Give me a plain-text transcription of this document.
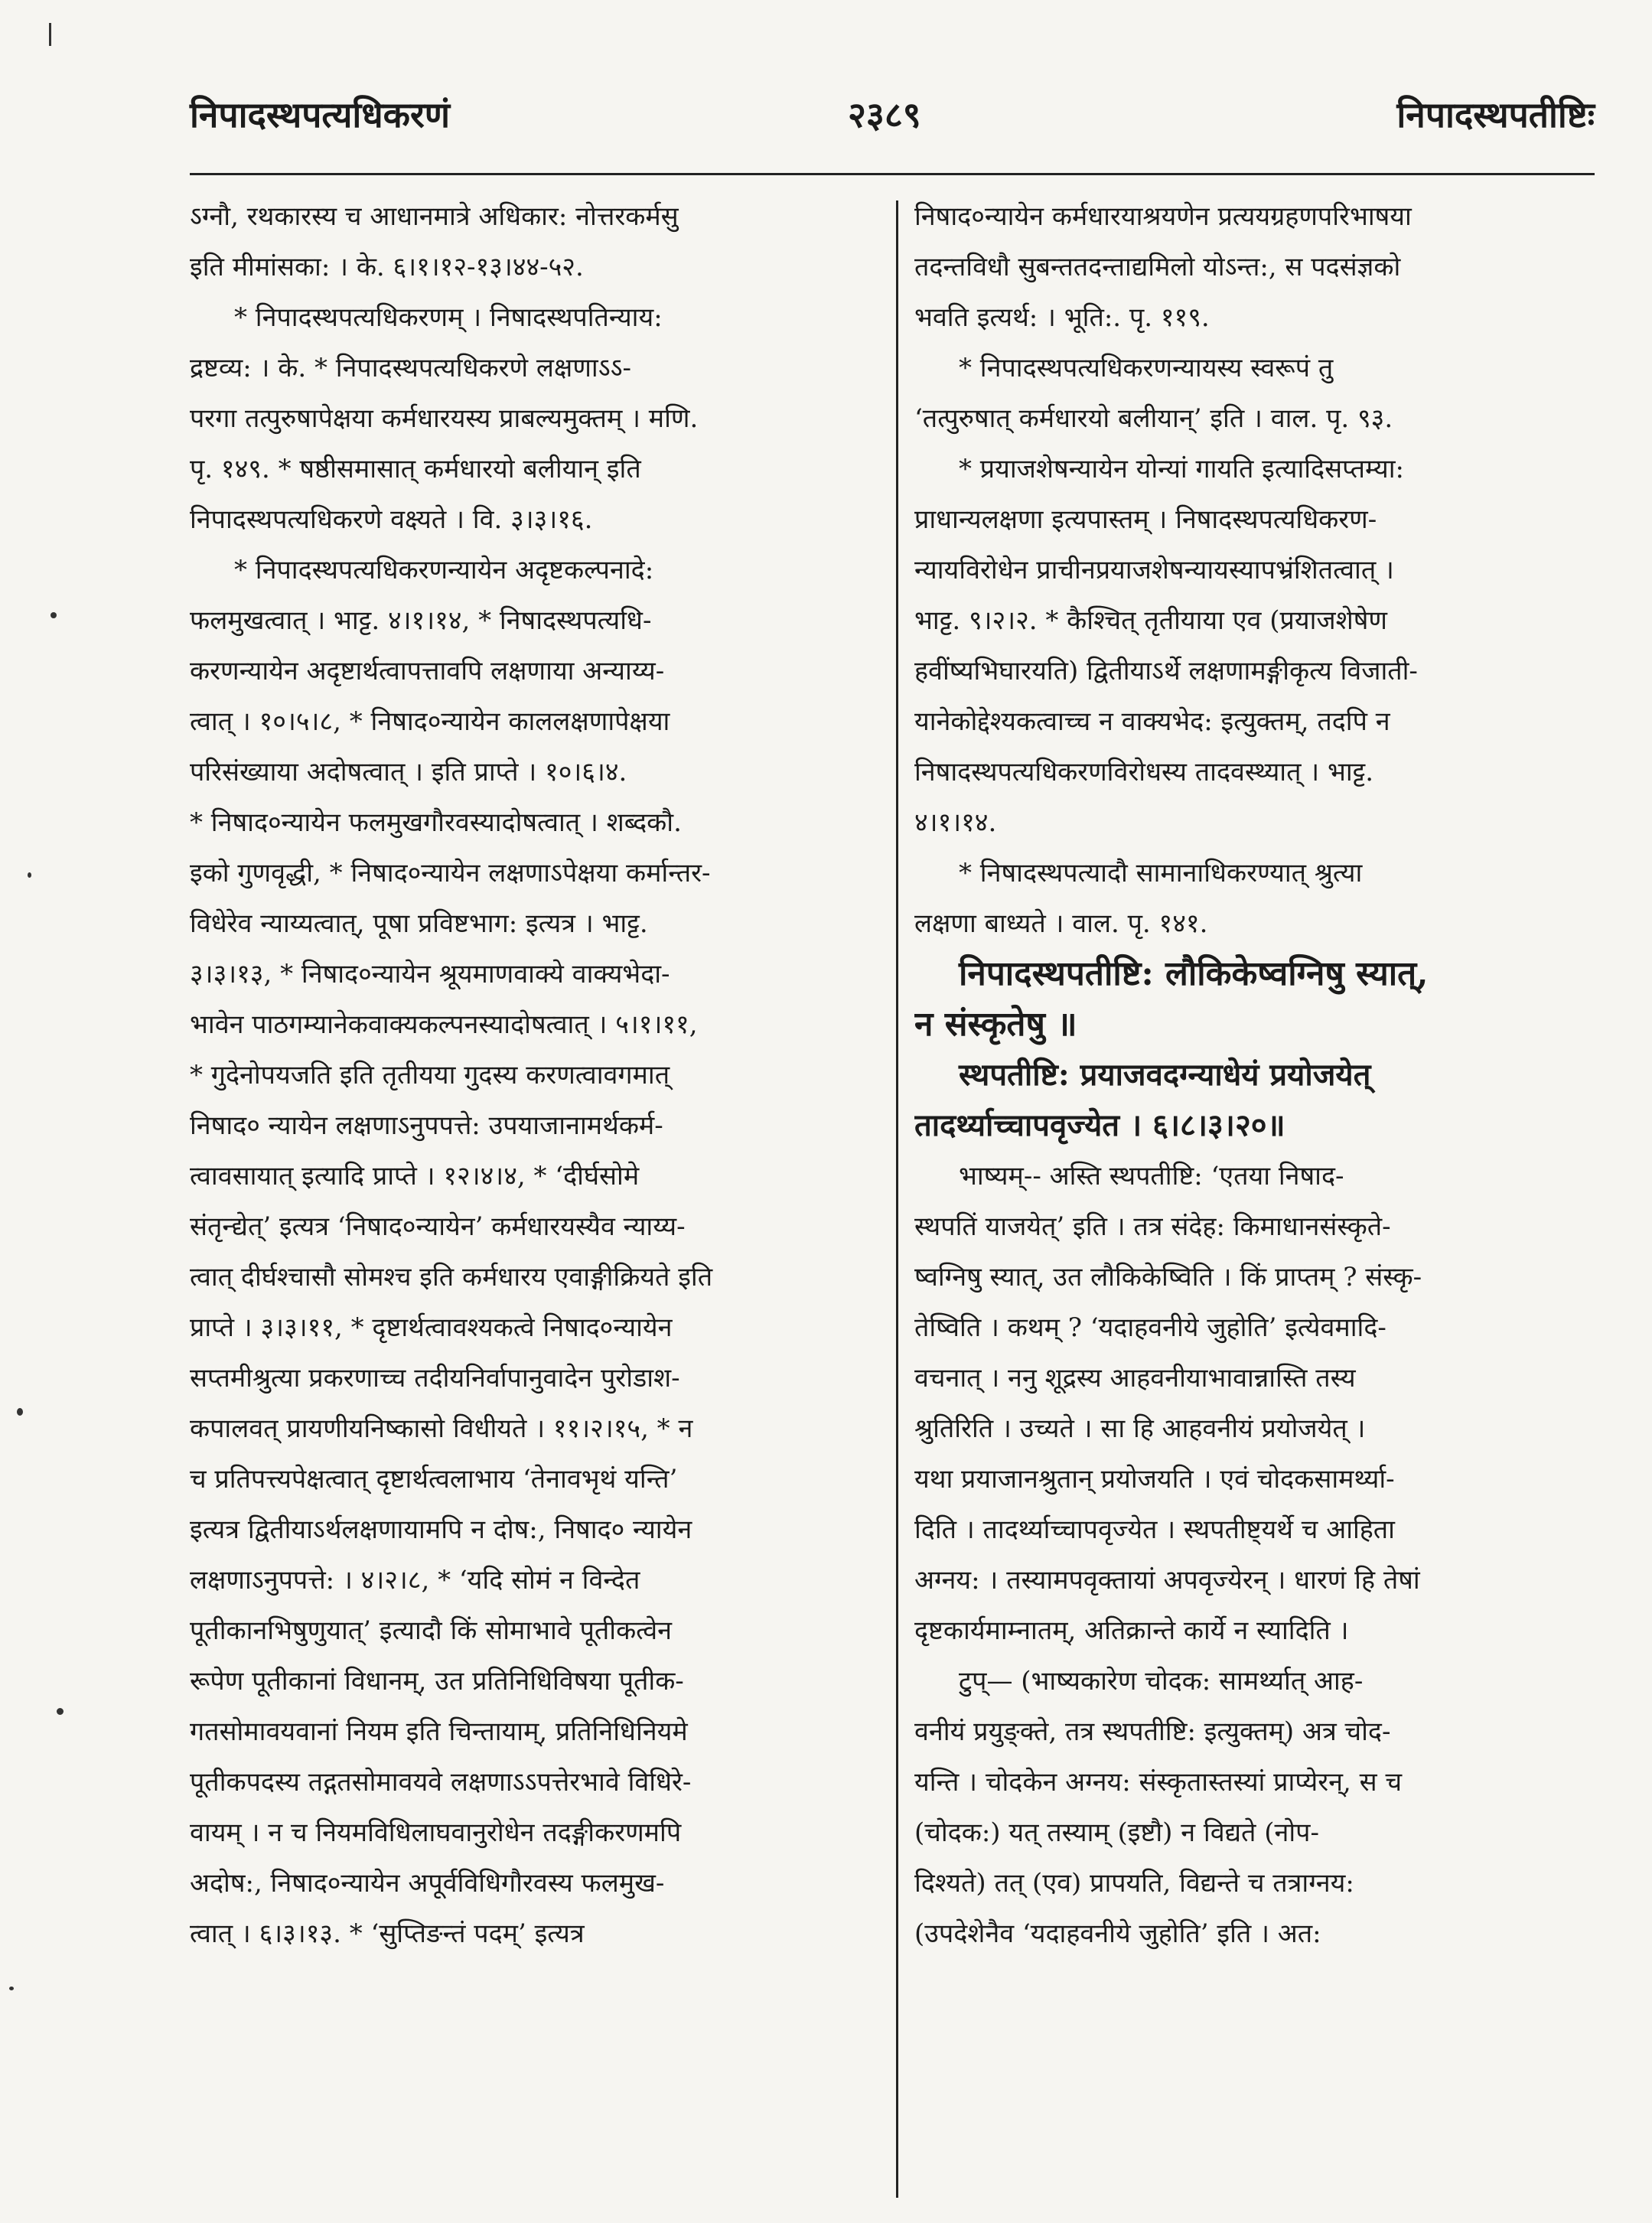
निपादस्थपत्यधिकरणं	२३८९	निपादस्थपतीष्टिः
ऽग्नौ, रथकारस्य च आधानमात्रे अधिकार: नोत्तरकर्मसु
इति मीमांसका: । के. ६।१।१२-१३।४४-५२.
* निपादस्थपत्यधिकरणम् । निषादस्थपतिन्याय:
द्रष्टव्य: । के. * निपादस्थपत्यधिकरणे लक्षणाऽऽ-
परगा तत्पुरुषापेक्षया कर्मधारयस्य प्राबल्यमुक्तम् । मणि.
पृ. १४९. * षष्ठीसमासात् कर्मधारयो बलीयान् इति
निपादस्थपत्यधिकरणे वक्ष्यते । वि. ३।३।१६.
* निपादस्थपत्यधिकरणन्यायेन अदृष्टकल्पनादे:
फलमुखत्वात् । भाट्ट. ४।१।१४, * निषादस्थपत्यधि-
करणन्यायेन अदृष्टार्थत्वापत्तावपि लक्षणाया अन्याय्य-
त्वात् । १०।५।८, * निषाद०न्यायेन काललक्षणापेक्षया
परिसंख्याया अदोषत्वात् । इति प्राप्ते । १०।६।४.
* निषाद०न्यायेन फलमुखगौरवस्यादोषत्वात् । शब्दकौ.
इको गुणवृद्धी, * निषाद०न्यायेन लक्षणाऽपेक्षया कर्मान्तर-
विधेरेव न्याय्यत्वात्, पूषा प्रविष्टभाग: इत्यत्र । भाट्ट.
३।३।१३, * निषाद०न्यायेन श्रूयमाणवाक्ये वाक्यभेदा-
भावेन पाठगम्यानेकवाक्यकल्पनस्यादोषत्वात् । ५।१।११,
* गुदेनोपयजति इति तृतीयया गुदस्य करणत्वावगमात्
निषाद० न्यायेन लक्षणाऽनुपपत्ते: उपयाजानामर्थकर्म-
त्वावसायात् इत्यादि प्राप्ते । १२।४।४, * ‘दीर्घसोमे
संतृन्द्येत्’ इत्यत्र ‘निषाद०न्यायेन’ कर्मधारयस्यैव न्याय्य-
त्वात् दीर्घश्चासौ सोमश्च इति कर्मधारय एवाङ्गीक्रियते इति
प्राप्ते । ३।३।११, * दृष्टार्थत्वावश्यकत्वे निषाद०न्यायेन
सप्तमीश्रुत्या प्रकरणाच्च तदीयनिर्वापानुवादेन पुरोडाश-
कपालवत् प्रायणीयनिष्कासो विधीयते । ११।२।१५, * न
च प्रतिपत्त्यपेक्षत्वात् दृष्टार्थत्वलाभाय ‘तेनावभृथं यन्ति’
इत्यत्र द्वितीयाऽर्थलक्षणायामपि न दोष:, निषाद० न्यायेन
लक्षणाऽनुपपत्ते: । ४।२।८, * ‘यदि सोमं न विन्देत
पूतीकानभिषुणुयात्’ इत्यादौ किं सोमाभावे पूतीकत्वेन
रूपेण पूतीकानां विधानम्, उत प्रतिनिधिविषया पूतीक-
गतसोमावयवानां नियम इति चिन्तायाम्, प्रतिनिधिनियमे
पूतीकपदस्य तद्गतसोमावयवे लक्षणाऽऽपत्तेरभावे विधिरे-
वायम् । न च नियमविधिलाघवानुरोधेन तदङ्गीकरणमपि
अदोष:, निषाद०न्यायेन अपूर्वविधिगौरवस्य फलमुख-
त्वात् । ६।३।१३. * ‘सुप्तिङन्तं पदम्’ इत्यत्र
निषाद०न्यायेन कर्मधारयाश्रयणेन प्रत्ययग्रहणपरिभाषया
तदन्तविधौ सुबन्ततदन्ताद्यमिलो योऽन्त:, स पदसंज्ञको
भवति इत्यर्थ: । भूति:. पृ. ११९.
* निपादस्थपत्यधिकरणन्यायस्य स्वरूपं तु
‘तत्पुरुषात् कर्मधारयो बलीयान्’ इति । वाल. पृ. ९३.
* प्रयाजशेषन्यायेन योन्यां गायति इत्यादिसप्तम्या:
प्राधान्यलक्षणा इत्यपास्तम् । निषादस्थपत्यधिकरण-
न्यायविरोधेन प्राचीनप्रयाजशेषन्यायस्यापभ्रंशितत्वात् ।
भाट्ट. ९।२।२. * कैश्चित् तृतीयाया एव (प्रयाजशेषेण
हवींष्यभिघारयति) द्वितीयाऽर्थे लक्षणामङ्गीकृत्य विजाती-
यानेकोद्देश्यकत्वाच्च न वाक्यभेद: इत्युक्तम्, तदपि न
निषादस्थपत्यधिकरणविरोधस्य तादवस्थ्यात् । भाट्ट.
४।१।१४.
* निषादस्थपत्यादौ सामानाधिकरण्यात् श्रुत्या
लक्षणा बाध्यते । वाल. पृ. १४१.
निपादस्थपतीष्टि: लौकिकेष्वग्निषु स्यात्,
न संस्कृतेषु ॥
स्थपतीष्टि: प्रयाजवदग्न्याधेयं प्रयोजयेत्
तादर्थ्याच्चापवृज्येत । ६।८।३।२०॥
भाष्यम्-- अस्ति स्थपतीष्टि: ‘एतया निषाद-
स्थपतिं याजयेत्’ इति । तत्र संदेह: किमाधानसंस्कृते-
ष्वग्निषु स्यात्, उत लौकिकेष्विति । किं प्राप्तम् ? संस्कृ-
तेष्विति । कथम् ? ‘यदाहवनीये जुहोति’ इत्येवमादि-
वचनात् । ननु शूद्रस्य आहवनीयाभावान्नास्ति तस्य
श्रुतिरिति । उच्यते । सा हि आहवनीयं प्रयोजयेत् ।
यथा प्रयाजानश्रुतान् प्रयोजयति । एवं चोदकसामर्थ्या-
दिति । तादर्थ्याच्चापवृज्येत । स्थपतीष्ट्यर्थे च आहिता
अग्नय: । तस्यामपवृक्तायां अपवृज्येरन् । धारणं हि तेषां
दृष्टकार्यमाम्नातम्, अतिक्रान्ते कार्ये न स्यादिति ।
टुप्— (भाष्यकारेण चोदक: सामर्थ्यात् आह-
वनीयं प्रयुङ्क्ते, तत्र स्थपतीष्टि: इत्युक्तम्) अत्र चोद-
यन्ति । चोदकेन अग्नय: संस्कृतास्तस्यां प्राप्येरन्, स च
(चोदक:) यत् तस्याम् (इष्टौ) न विद्यते (नोप-
दिश्यते) तत् (एव) प्रापयति, विद्यन्ते च तत्राग्नय:
(उपदेशेनैव ‘यदाहवनीये जुहोति’ इति । अत:
